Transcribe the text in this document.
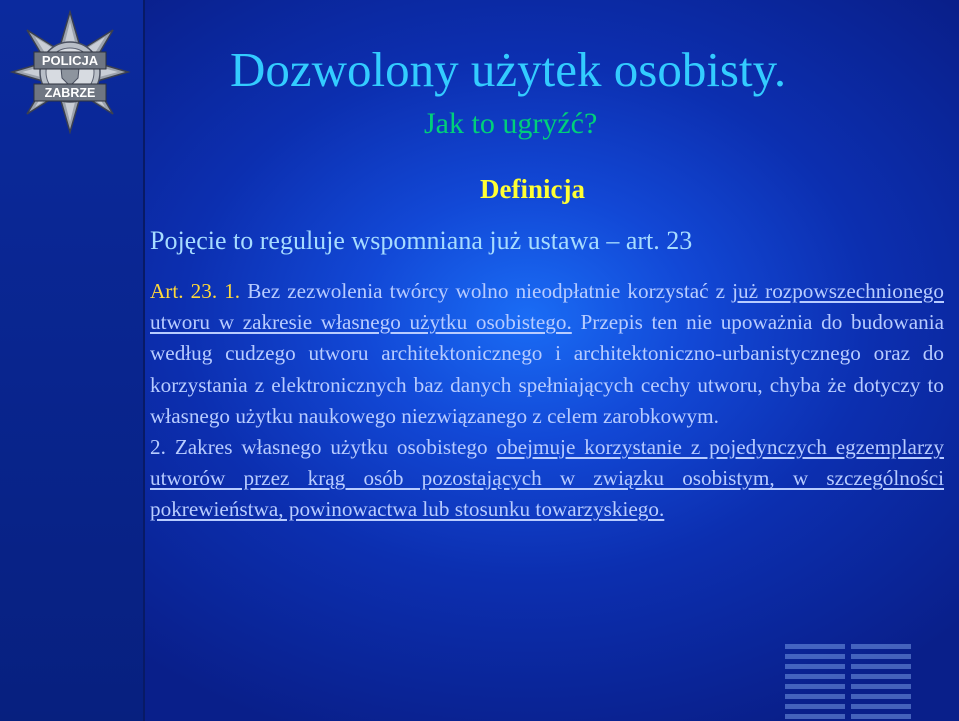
POLICJA
ZABRZE	Dozwolony użytek osobisty.
Jak to ugryźć?
Definicja

Pojęcie to reguluje wspomniana już ustawa – art. 23

Art. 23. 1. Bez zezwolenia twórcy wolno nieodpłatnie korzystać z już rozpowszechnionego utworu w zakresie własnego użytku osobistego. Przepis ten nie upoważnia do budowania według cudzego utworu architektonicznego i architektoniczno-urbanistycznego oraz do korzystania z elektronicznych baz danych spełniających cechy utworu, chyba że dotyczy to własnego użytku naukowego niezwiązanego z celem zarobkowym.
2. Zakres własnego użytku osobistego obejmuje korzystanie z pojedynczych egzemplarzy utworów przez krąg osób pozostających w związku osobistym, w szczególności pokrewieństwa, powinowactwa lub stosunku towarzyskiego.
